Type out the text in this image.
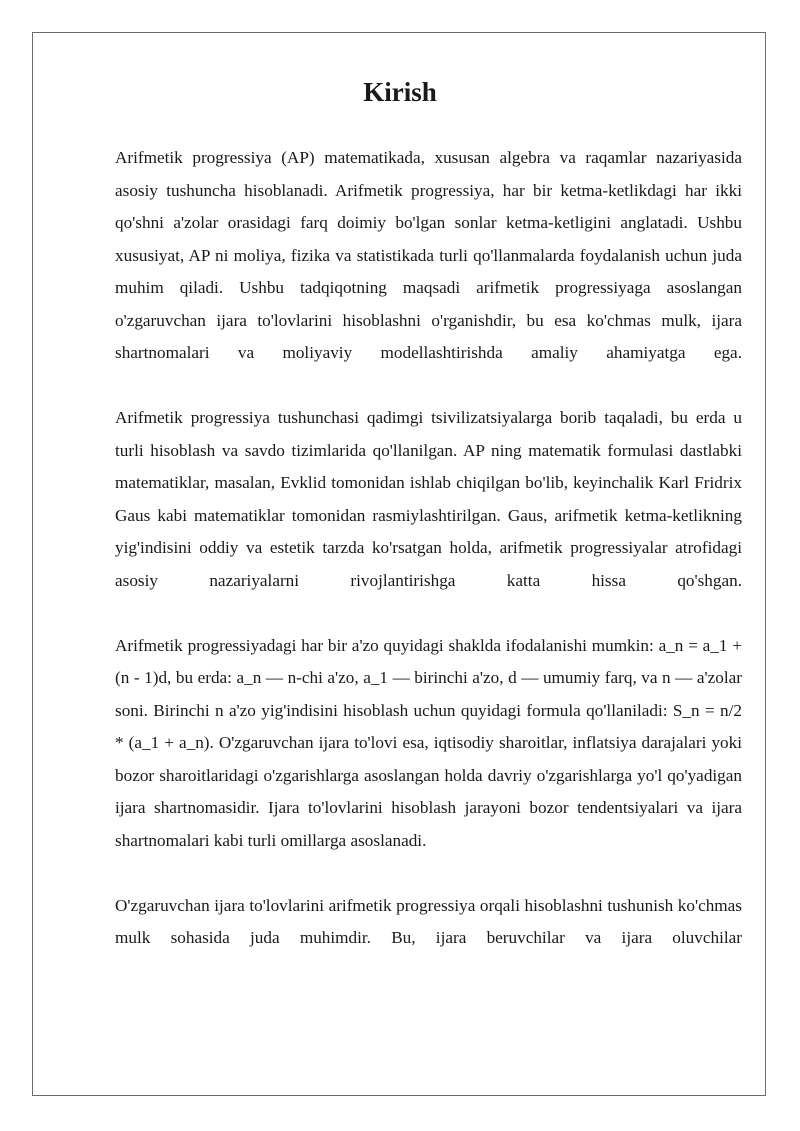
Kirish

Arifmetik progressiya (AP) matematikada, xususan algebra va raqamlar nazariyasida asosiy tushuncha hisoblanadi. Arifmetik progressiya, har bir ketma-ketlikdagi har ikki qo'shni a'zolar orasidagi farq doimiy bo'lgan sonlar ketma-ketligini anglatadi. Ushbu xususiyat, AP ni moliya, fizika va statistikada turli qo'llanmalarda foydalanish uchun juda muhim qiladi. Ushbu tadqiqotning maqsadi arifmetik progressiyaga asoslangan o'zgaruvchan ijara to'lovlarini hisoblashni o'rganishdir, bu esa ko'chmas mulk, ijara shartnomalari va moliyaviy modellashtirishda amaliy ahamiyatga ega.

Arifmetik progressiya tushunchasi qadimgi tsivilizatsiyalarga borib taqaladi, bu erda u turli hisoblash va savdo tizimlarida qo'llanilgan. AP ning matematik formulasi dastlabki matematiklar, masalan, Evklid tomonidan ishlab chiqilgan bo'lib, keyinchalik Karl Fridrix Gaus kabi matematiklar tomonidan rasmiylashtirilgan. Gaus, arifmetik ketma-ketlikning yig'indisini oddiy va estetik tarzda ko'rsatgan holda, arifmetik progressiyalar atrofidagi asosiy nazariyalarni rivojlantirishga katta hissa qo'shgan.

Arifmetik progressiyadagi har bir a'zo quyidagi shaklda ifodalanishi mumkin: a_n = a_1 + (n - 1)d, bu erda: a_n — n-chi a'zo, a_1 — birinchi a'zo, d — umumiy farq, va n — a'zolar soni. Birinchi n a'zo yig'indisini hisoblash uchun quyidagi formula qo'llaniladi: S_n = n/2 * (a_1 + a_n). O'zgaruvchan ijara to'lovi esa, iqtisodiy sharoitlar, inflatsiya darajalari yoki bozor sharoitlaridagi o'zgarishlarga asoslangan holda davriy o'zgarishlarga yo'l qo'yadigan ijara shartnomasidir. Ijara to'lovlarini hisoblash jarayoni bozor tendentsiyalari va ijara shartnomalari kabi turli omillarga asoslanadi.

O'zgaruvchan ijara to'lovlarini arifmetik progressiya orqali hisoblashni tushunish ko'chmas mulk sohasida juda muhimdir. Bu, ijara beruvchilar va ijara oluvchilar
